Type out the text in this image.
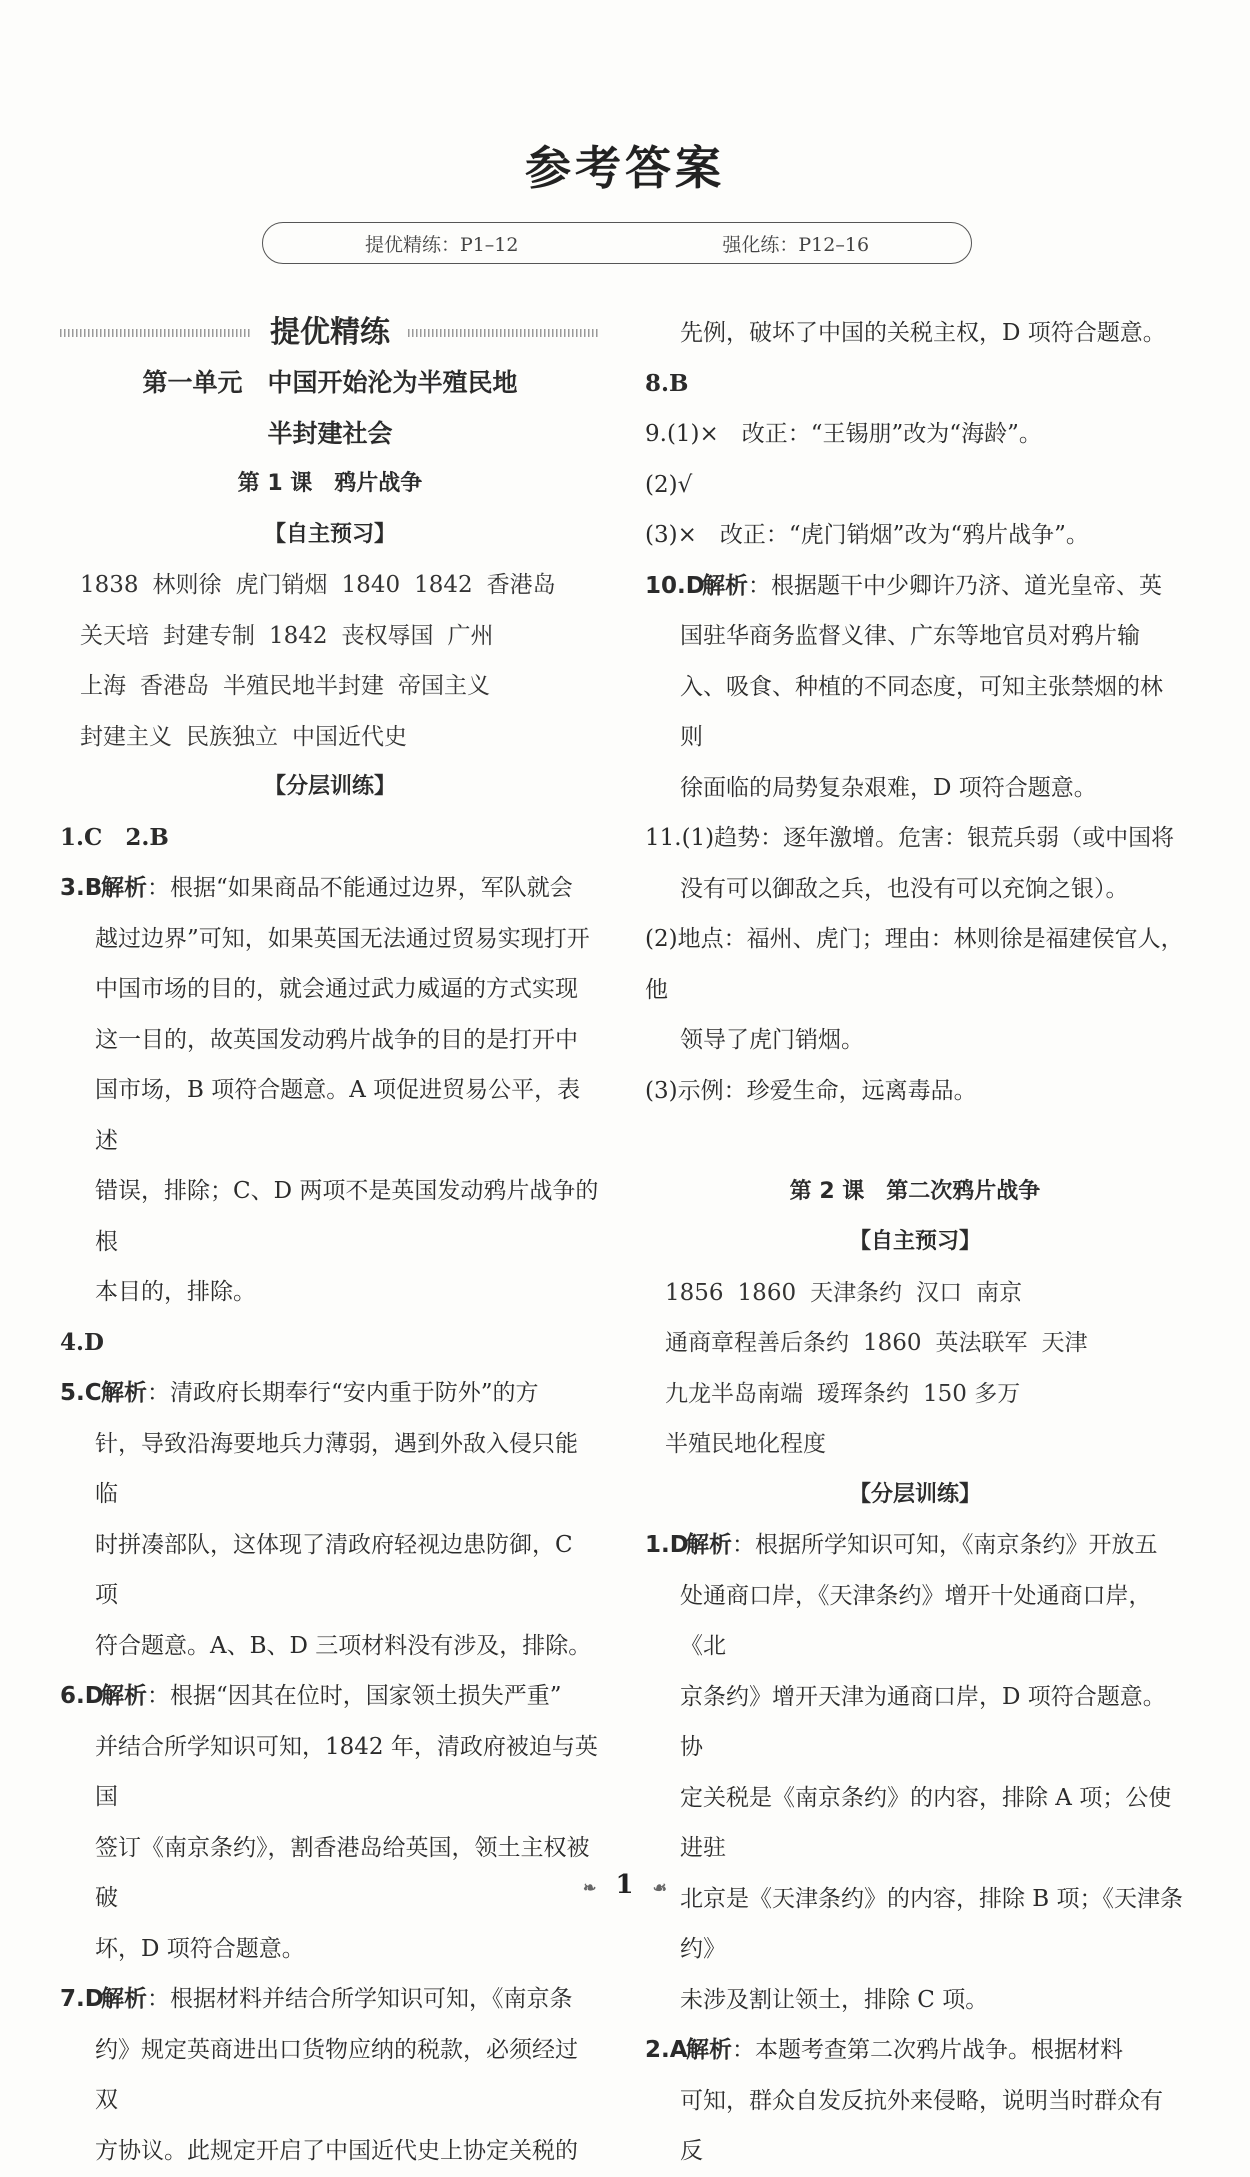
参考答案
提优精练：P1–12	强化练：P12–16
提优精练
第一单元　中国开始沦为半殖民地
半封建社会
第 1 课　鸦片战争
【自主预习】
1838 林则徐 虎门销烟 1840 1842 香港岛
关天培 封建专制 1842 丧权辱国 广州
上海 香港岛 半殖民地半封建 帝国主义
封建主义 民族独立 中国近代史
【分层训练】
1.C　2.B
3.B
解析：根据“如果商品不能通过边界，军队就会
越过边界”可知，如果英国无法通过贸易实现打开
中国市场的目的，就会通过武力威逼的方式实现
这一目的，故英国发动鸦片战争的目的是打开中
国市场，B 项符合题意。A 项促进贸易公平，表述
错误，排除；C、D 两项不是英国发动鸦片战争的根
本目的，排除。
4.D
5.C 解析：清政府长期奉行“安内重于防外”的方
针，导致沿海要地兵力薄弱，遇到外敌入侵只能临
时拼凑部队，这体现了清政府轻视边患防御，C 项
符合题意。A、B、D 三项材料没有涉及，排除。
6.D
解析：根据“因其在位时，国家领土损失严重”
并结合所学知识可知，1842 年，清政府被迫与英国
签订《南京条约》，割香港岛给英国，领土主权被破
坏，D 项符合题意。
7.D
解析：根据材料并结合所学知识可知，《南京条
约》规定英商进出口货物应纳的税款，必须经过双
方协议。此规定开启了中国近代史上协定关税的
先例，破坏了中国的关税主权，D 项符合题意。
8.B
9.(1)×　改正：“王锡朋”改为“海龄”。
(2)√
(3)×　改正：“虎门销烟”改为“鸦片战争”。
10.D
解析：根据题干中少卿许乃济、道光皇帝、英
国驻华商务监督义律、广东等地官员对鸦片输
入、吸食、种植的不同态度，可知主张禁烟的林则
徐面临的局势复杂艰难，D 项符合题意。
11.(1)趋势：逐年激增。危害：银荒兵弱（或中国将
没有可以御敌之兵，也没有可以充饷之银）。
(2)地点：福州、虎门；理由：林则徐是福建侯官人，他
领导了虎门销烟。
(3)示例：珍爱生命，远离毒品。
第 2 课　第二次鸦片战争
【自主预习】
1856 1860 天津条约 汉口 南京
通商章程善后条约 1860 英法联军 天津
九龙半岛南端 瑷珲条约 150 多万
半殖民地化程度
【分层训练】
1.D
解析：根据所学知识可知，《南京条约》开放五
处通商口岸，《天津条约》增开十处通商口岸，《北
京条约》增开天津为通商口岸，D 项符合题意。协
定关税是《南京条约》的内容，排除 A 项；公使进驻
北京是《天津条约》的内容，排除 B 项；《天津条约》
未涉及割让领土，排除 C 项。
2.A
解析：本题考查第二次鸦片战争。根据材料
可知，群众自发反抗外来侵略，说明当时群众有反
❧ 1 ☙
